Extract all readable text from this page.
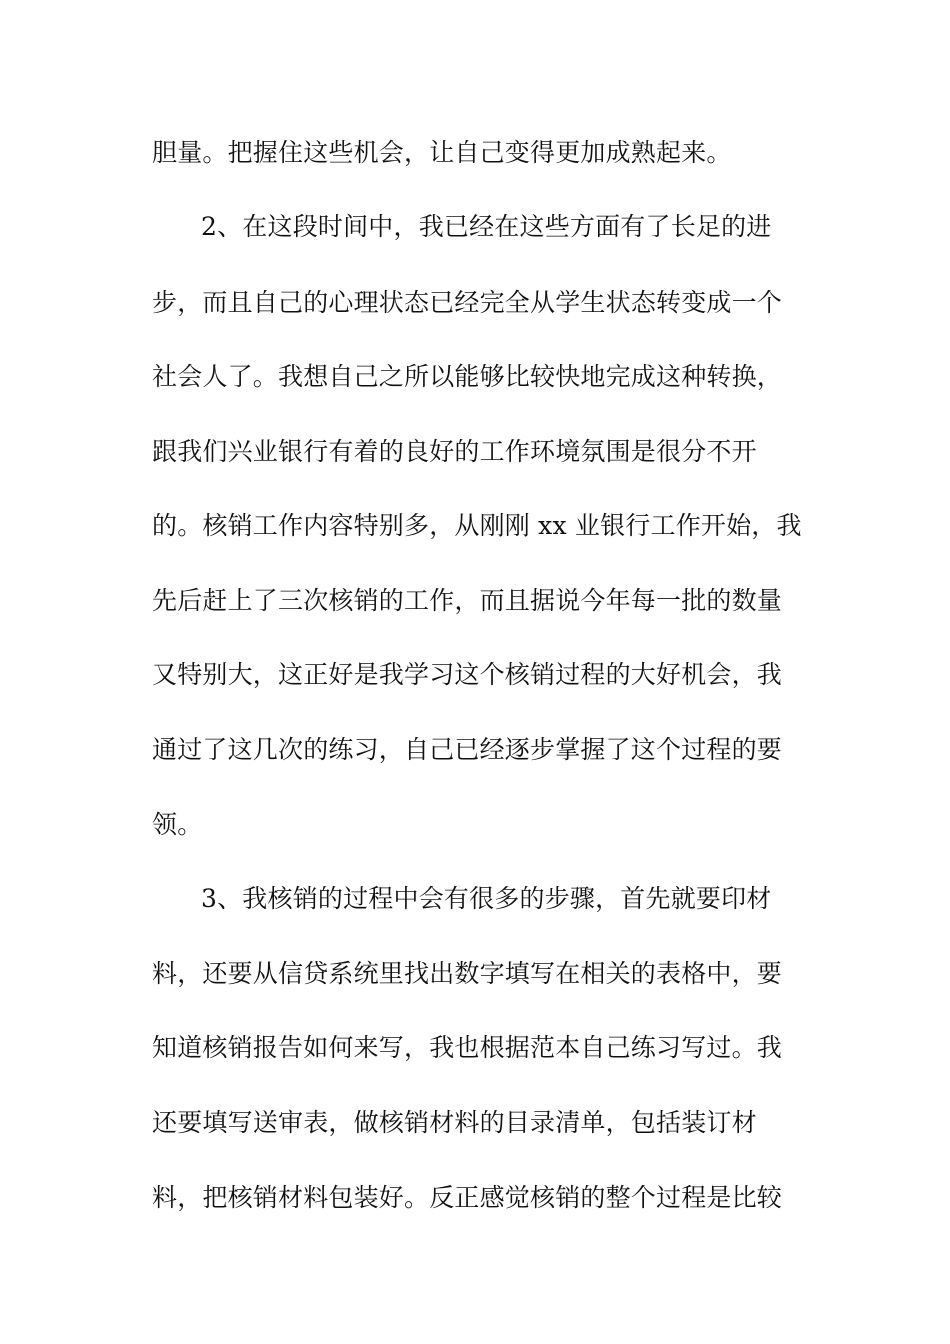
胆量。把握住这些机会，让自己变得更加成熟起来。
2、在这段时间中，我已经在这些方面有了长足的进
步，而且自己的心理状态已经完全从学生状态转变成一个
社会人了。我想自己之所以能够比较快地完成这种转换，
跟我们兴业银行有着的良好的工作环境氛围是很分不开
的。核销工作内容特别多，从刚刚 xx 业银行工作开始，我
先后赶上了三次核销的工作，而且据说今年每一批的数量
又特别大，这正好是我学习这个核销过程的大好机会，我
通过了这几次的练习，自己已经逐步掌握了这个过程的要
领。
3、我核销的过程中会有很多的步骤，首先就要印材
料，还要从信贷系统里找出数字填写在相关的表格中，要
知道核销报告如何来写，我也根据范本自己练习写过。我
还要填写送审表，做核销材料的目录清单，包括装订材
料，把核销材料包装好。反正感觉核销的整个过程是比较
